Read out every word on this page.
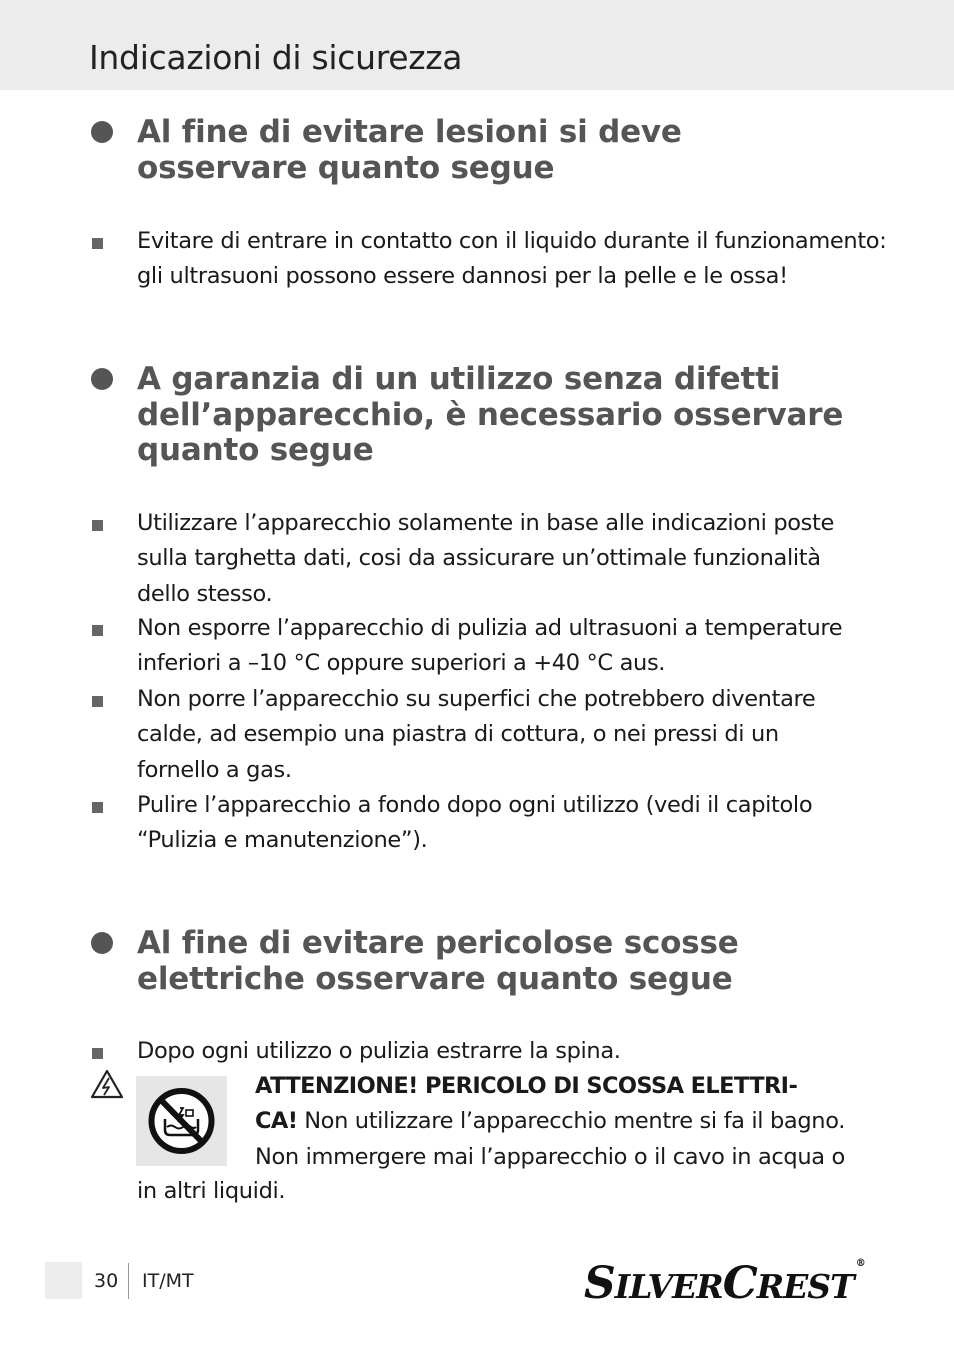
Indicazioni di sicurezza
Al fine di evitare lesioni si deve
osservare quanto segue
Evitare di entrare in contatto con il liquido durante il funzionamento:
gli ultrasuoni possono essere dannosi per la pelle e le ossa!
A garanzia di un utilizzo senza difetti
dell’apparecchio, è necessario osservare
quanto segue
Utilizzare l’apparecchio solamente in base alle indicazioni poste
sulla targhetta dati, cosi da assicurare un’ottimale funzionalità
dello stesso.
Non esporre l’apparecchio di pulizia ad ultrasuoni a temperature
inferiori a –10 °C oppure superiori a +40 °C aus.
Non porre l’apparecchio su superfici che potrebbero diventare
calde, ad esempio una piastra di cottura, o nei pressi di un
fornello a gas.
Pulire l’apparecchio a fondo dopo ogni utilizzo (vedi il capitolo
“Pulizia e manutenzione”).
Al fine di evitare pericolose scosse
elettriche osservare quanto segue
Dopo ogni utilizzo o pulizia estrarre la spina.
ATTENZIONE! PERICOLO DI SCOSSA ELETTRI-
CA! Non utilizzare l’apparecchio mentre si fa il bagno.
Non immergere mai l’apparecchio o il cavo in acqua o
in altri liquidi.
30 IT/MT	SILVERCREST®
